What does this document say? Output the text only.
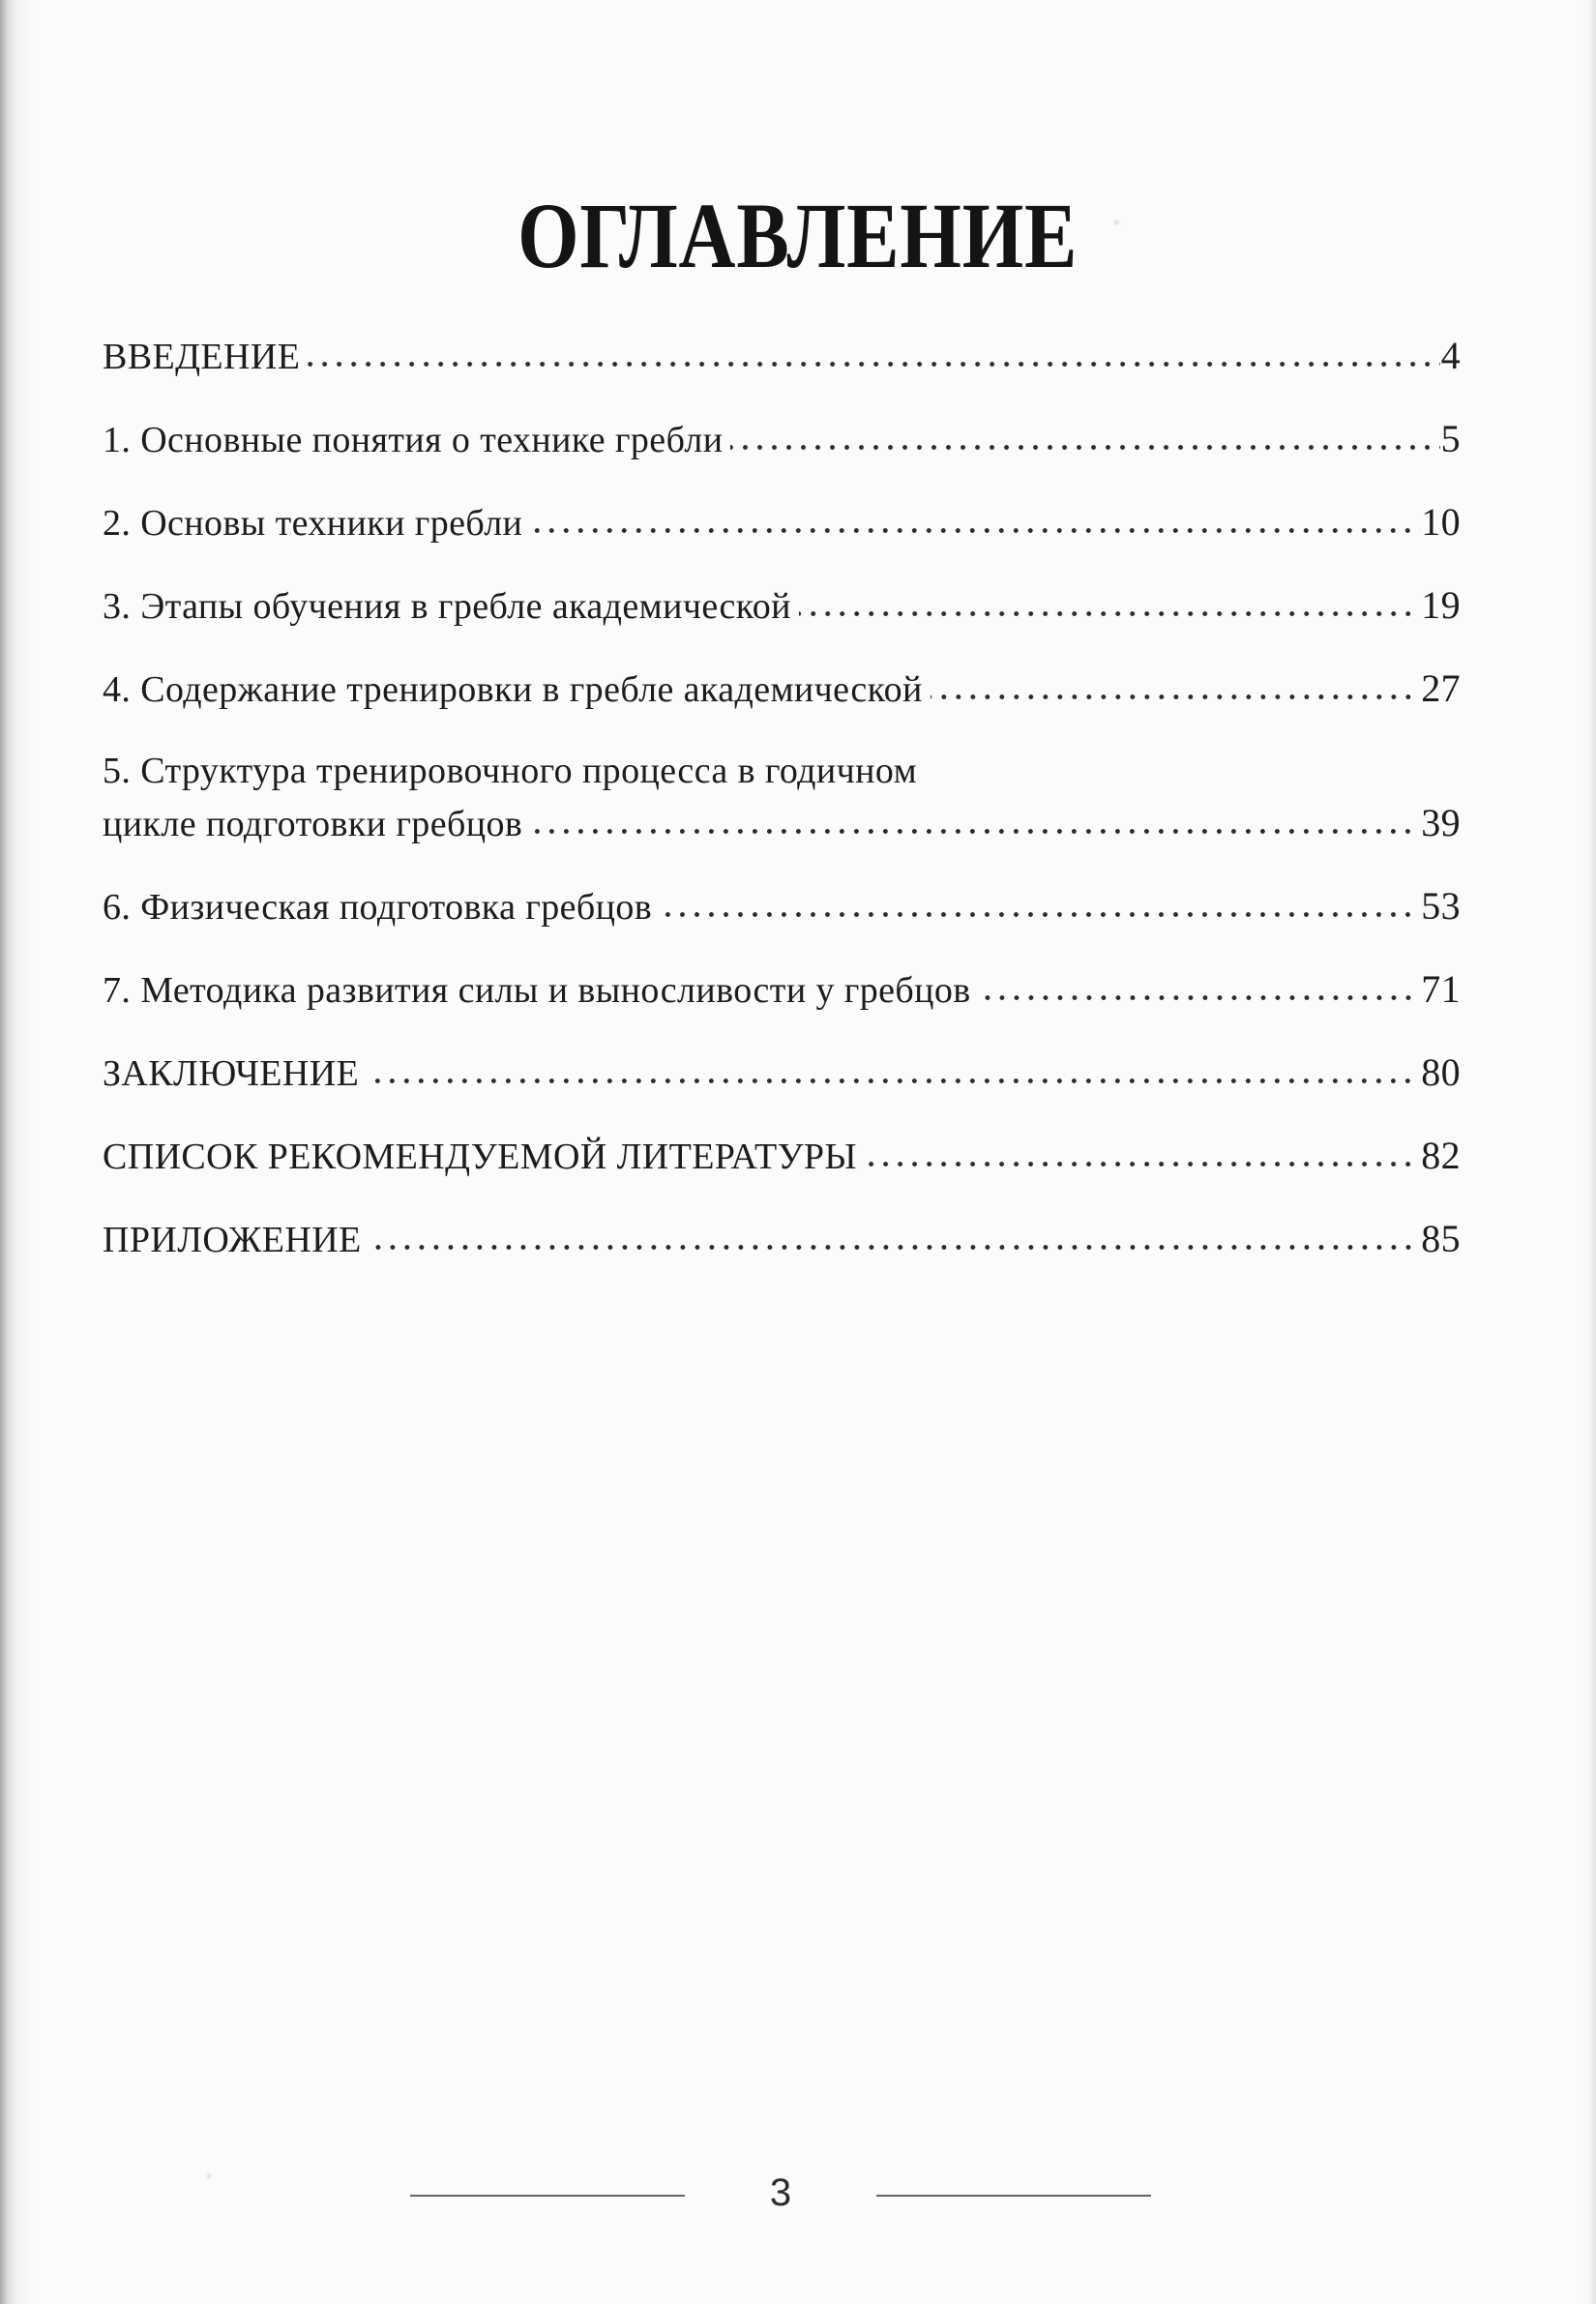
ОГЛАВЛЕНИЕ
ВВЕДЕНИЕ	4
1. Основные понятия о технике гребли	5
2. Основы техники гребли	10
3. Этапы обучения в гребле академической	19
4. Содержание тренировки в гребле академической	27
5. Структура тренировочного процесса в годичном
цикле подготовки гребцов	39
6. Физическая подготовка гребцов	53
7. Методика развития силы и выносливости у гребцов	71
ЗАКЛЮЧЕНИЕ	80
СПИСОК РЕКОМЕНДУЕМОЙ ЛИТЕРАТУРЫ	82
ПРИЛОЖЕНИЕ	85
3
